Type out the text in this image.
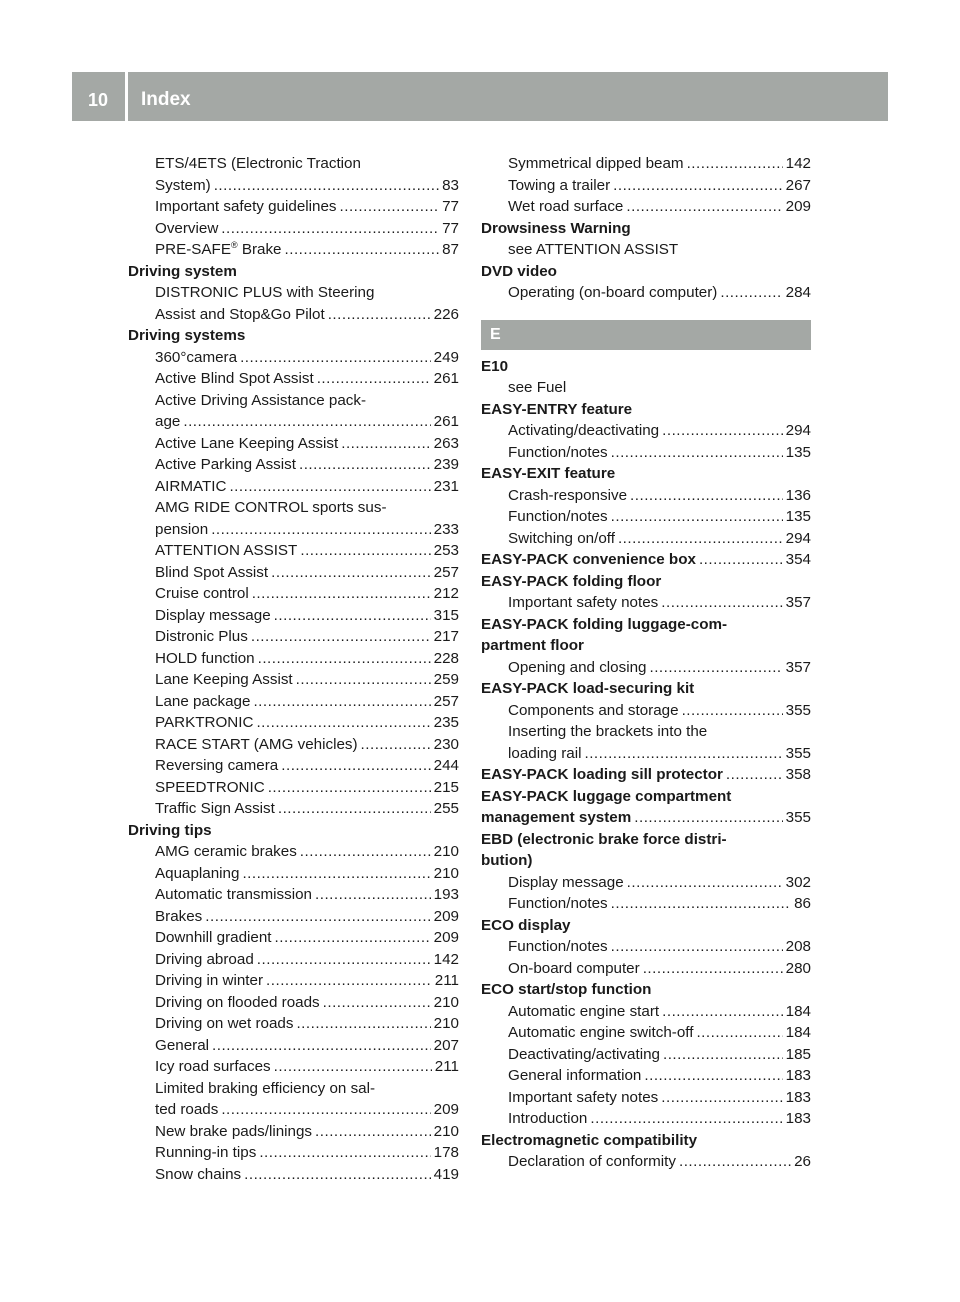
10	Index
ETS/4ETS (Electronic Traction
System) .....	83
Important safety guidelines .....	77
Overview .....	77
PRE-SAFE® Brake .....	87
Driving system
DISTRONIC PLUS with Steering
Assist and Stop&Go Pilot .....	226
Driving systems
360°camera .....	249
Active Blind Spot Assist .....	261
Active Driving Assistance pack-
age .....	261
Active Lane Keeping Assist .....	263
Active Parking Assist .....	239
AIRMATIC .....	231
AMG RIDE CONTROL sports sus-
pension .....	233
ATTENTION ASSIST .....	253
Blind Spot Assist .....	257
Cruise control .....	212
Display message .....	315
Distronic Plus .....	217
HOLD function .....	228
Lane Keeping Assist .....	259
Lane package .....	257
PARKTRONIC .....	235
RACE START (AMG vehicles) .....	230
Reversing camera .....	244
SPEEDTRONIC .....	215
Traffic Sign Assist .....	255
Driving tips
AMG ceramic brakes .....	210
Aquaplaning .....	210
Automatic transmission .....	193
Brakes .....	209
Downhill gradient .....	209
Driving abroad .....	142
Driving in winter .....	211
Driving on flooded roads .....	210
Driving on wet roads .....	210
General .....	207
Icy road surfaces .....	211
Limited braking efficiency on sal-
ted roads .....	209
New brake pads/linings .....	210
Running-in tips .....	178
Snow chains .....	419
Symmetrical dipped beam .....	142
Towing a trailer .....	267
Wet road surface .....	209
Drowsiness Warning
see ATTENTION ASSIST
DVD video
Operating (on-board computer) .....	284
E
E10
see Fuel
EASY-ENTRY feature
Activating/deactivating .....	294
Function/notes .....	135
EASY-EXIT feature
Crash-responsive .....	136
Function/notes .....	135
Switching on/off .....	294
EASY-PACK convenience box .....	354
EASY-PACK folding floor
Important safety notes .....	357
EASY-PACK folding luggage-com-
partment floor
Opening and closing .....	357
EASY-PACK load-securing kit
Components and storage .....	355
Inserting the brackets into the
loading rail .....	355
EASY-PACK loading sill protector .....	358
EASY-PACK luggage compartment
management system .....	355
EBD (electronic brake force distri-
bution)
Display message .....	302
Function/notes .....	86
ECO display
Function/notes .....	208
On-board computer .....	280
ECO start/stop function
Automatic engine start .....	184
Automatic engine switch-off .....	184
Deactivating/activating .....	185
General information .....	183
Important safety notes .....	183
Introduction .....	183
Electromagnetic compatibility
Declaration of conformity .....	26
